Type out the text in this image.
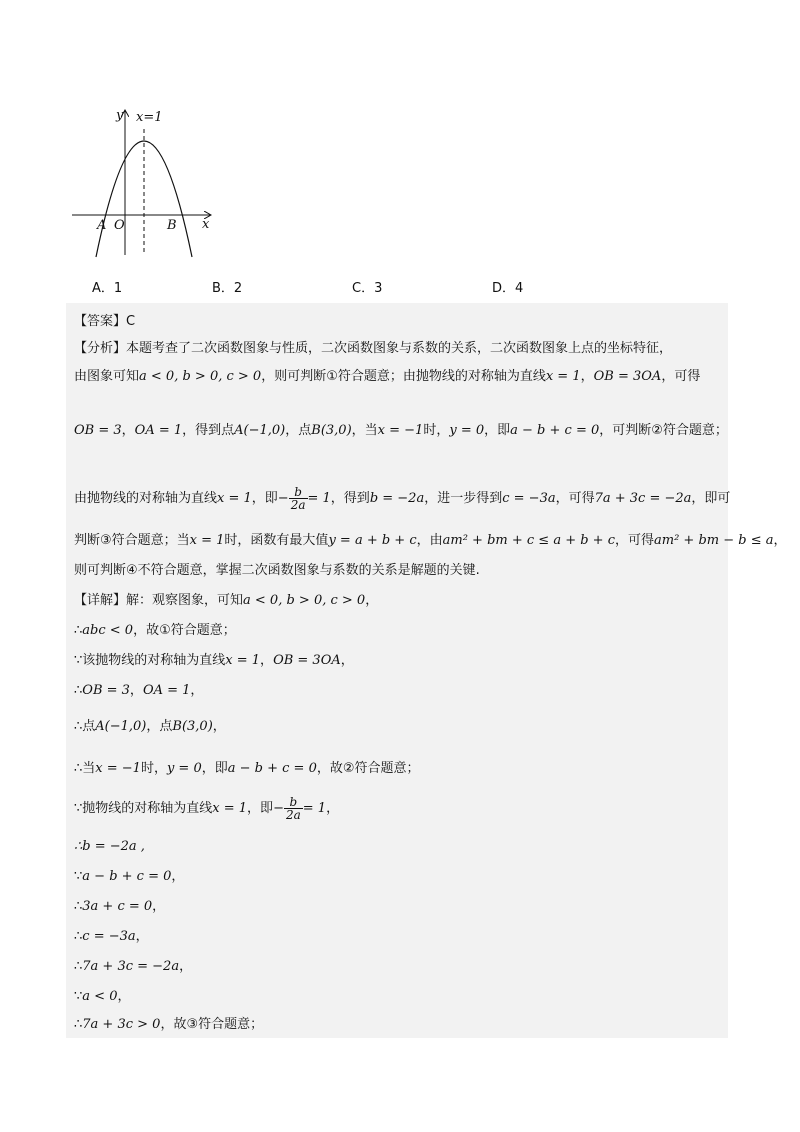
y x=1
x
O
A	B
A．1	B．2	C．3	D．4
【答案】C
【分析】本题考查了二次函数图象与性质，二次函数图象与系数的关系，二次函数图象上点的坐标特征，
由图象可知a < 0, b > 0, c > 0，则可判断①符合题意；由抛物线的对称轴为直线x = 1，OB = 3OA，可得
OB = 3，OA = 1，得到点A(−1,0)，点B(3,0)，当x = −1时，y = 0，即a − b + c = 0，可判断②符合题意；
由抛物线的对称轴为直线x = 1，即− $\frac{b}{2a} = 1$，得到b = −2a，进一步得到c = −3a，可得7a + 3c = −2a，即可
判断③符合题意；当x = 1时，函数有最大值y = a + b + c，由am² + bm + c ≤ a + b + c，可得am² + bm − b ≤ a，
则可判断④不符合题意，掌握二次函数图象与系数的关系是解题的关键.
【详解】解：观察图象，可知a < 0, b > 0, c > 0，
∴abc < 0，故①符合题意；
∵该抛物线的对称轴为直线x = 1，OB = 3OA，
∴OB = 3，OA = 1，
∴点A(−1,0)，点B(3,0)，
∴当x = −1时，y = 0，即a − b + c = 0，故②符合题意；
∵抛物线的对称轴为直线x = 1，即− $\frac{b}{2a} = 1$，
∴b = −2a ,
∵a − b + c = 0，
∴3a + c = 0，
∴c = −3a，
∴7a + 3c = −2a，
∵a < 0，
∴7a + 3c > 0，故③符合题意；
